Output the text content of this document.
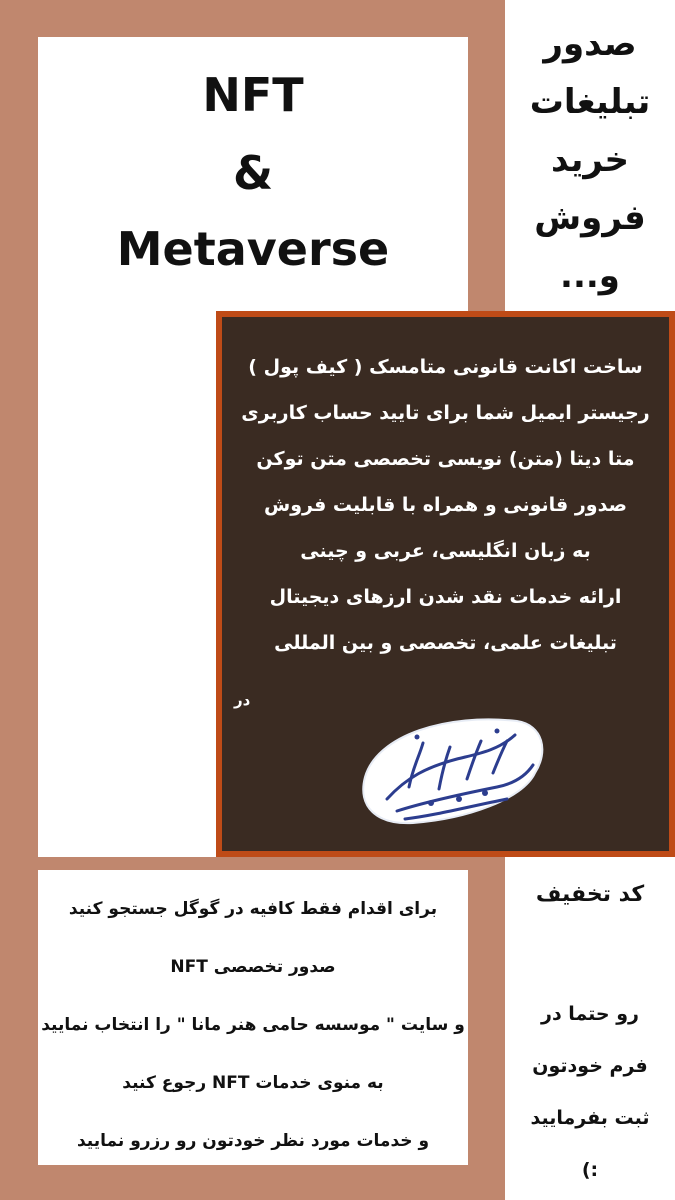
NFT
&
Metaverse
صدور
تبلیغات
خرید
فروش
و...
ساخت اکانت قانونی متامسک ( کیف پول )
رجیستر ایمیل شما برای تایید حساب کاربری
متا دیتا (متن) نویسی تخصصی متن توکن
صدور قانونی و همراه با قابلیت فروش
به زبان انگلیسی، عربی و چینی
ارائه خدمات نقد شدن ارزهای دیجیتال
تبلیغات علمی، تخصصی و بین المللی
در
برای اقدام فقط کافیه در گوگل جستجو کنید
صدور تخصصی NFT
و سایت " موسسه حامی هنر مانا " را انتخاب نمایید
به منوی خدمات NFT رجوع کنید
و خدمات مورد نظر خودتون رو رزرو نمایید
کد تخفیف
رو حتما در
فرم خودتون
ثبت بفرمایید
:)
